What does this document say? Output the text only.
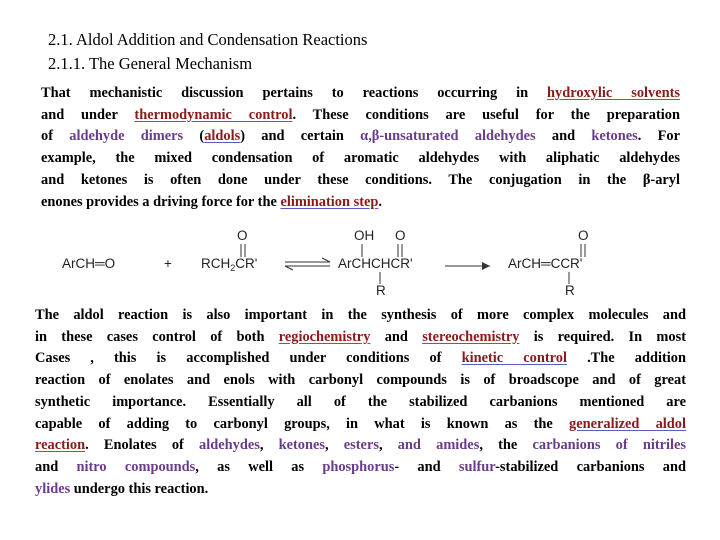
2.1. Aldol Addition and Condensation Reactions
2.1.1. The General Mechanism

That mechanistic discussion pertains to reactions occurring in hydroxylic solvents
and under thermodynamic control. These conditions are useful for the preparation
of aldehyde dimers (aldols) and certain α,β-unsaturated aldehydes and ketones. For
example, the mixed condensation of aromatic aldehydes with aliphatic aldehydes
and ketones is often done under these conditions. The conjugation in the β-aryl
enones provides a driving force for the elimination step.

ArCH═O	+
O
$RCH_2CR'$
OH O
ArCHCHCR'
R
O
ArCH═CCR'
R

The aldol reaction is also important in the synthesis of more complex molecules and
in these cases control of both regiochemistry and stereochemistry is required. In most
Cases , this is accomplished under conditions of kinetic control .The addition
reaction of enolates and enols with carbonyl compounds is of broadscope and of great
synthetic importance. Essentially all of the stabilized carbanions mentioned are
capable of adding to carbonyl groups, in what is known as the generalized aldol
reaction. Enolates of aldehydes, ketones, esters, and amides, the carbanions of nitriles
and nitro compounds, as well as phosphorus- and sulfur-stabilized carbanions and
ylides undergo this reaction.
